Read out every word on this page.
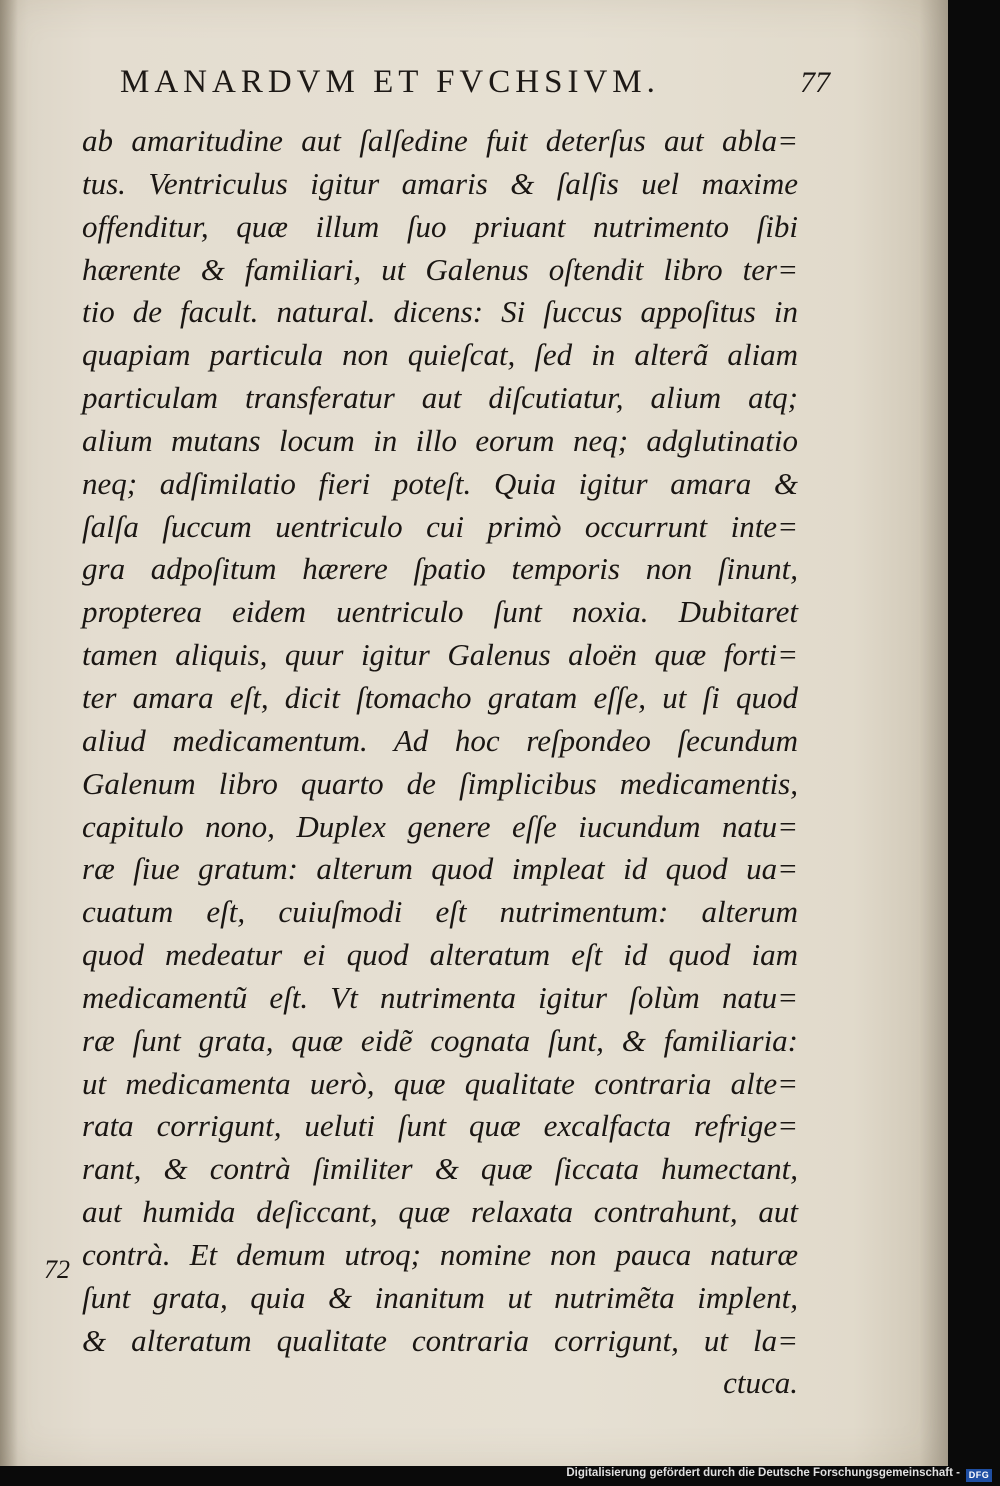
MANARDVM ET FVCHSIVM.	77
ab amaritudine aut ſalſedine fuit deterſus aut abla=
tus. Ventriculus igitur amaris & ſalſis uel maxime
offenditur, quæ illum ſuo priuant nutrimento ſibi
hærente & familiari, ut Galenus oſtendit libro ter=
tio de facult. natural. dicens: Si ſuccus appoſitus in
quapiam particula non quieſcat, ſed in alterã aliam
particulam transferatur aut diſcutiatur, alium atq;
alium mutans locum in illo eorum neq; adglutinatio
neq; adſimilatio fieri poteſt. Quia igitur amara &
ſalſa ſuccum uentriculo cui primò occurrunt inte=
gra adpoſitum hærere ſpatio temporis non ſinunt,
propterea eidem uentriculo ſunt noxia. Dubitaret
tamen aliquis, quur igitur Galenus aloën quæ forti=
ter amara eſt, dicit ſtomacho gratam eſſe, ut ſi quod
aliud medicamentum. Ad hoc reſpondeo ſecundum
Galenum libro quarto de ſimplicibus medicamentis,
capitulo nono, Duplex genere eſſe iucundum natu=
ræ ſiue gratum: alterum quod impleat id quod ua=
cuatum eſt, cuiuſmodi eſt nutrimentum: alterum
quod medeatur ei quod alteratum eſt id quod iam
medicamentũ eſt. Vt nutrimenta igitur ſolùm natu=
ræ ſunt grata, quæ eidẽ cognata ſunt, & familiaria:
ut medicamenta uerò, quæ qualitate contraria alte=
rata corrigunt, ueluti ſunt quæ excalfacta refrige=
rant, & contrà ſimiliter & quæ ſiccata humectant,
aut humida deſiccant, quæ relaxata contrahunt, aut
contrà. Et demum utroq; nomine non pauca naturæ
ſunt grata, quia & inanitum ut nutrimẽta implent,
& alteratum qualitate contraria corrigunt, ut la=
ctuca.
72
Digitalisierung gefördert durch die Deutsche Forschungsgemeinschaft - DFG
